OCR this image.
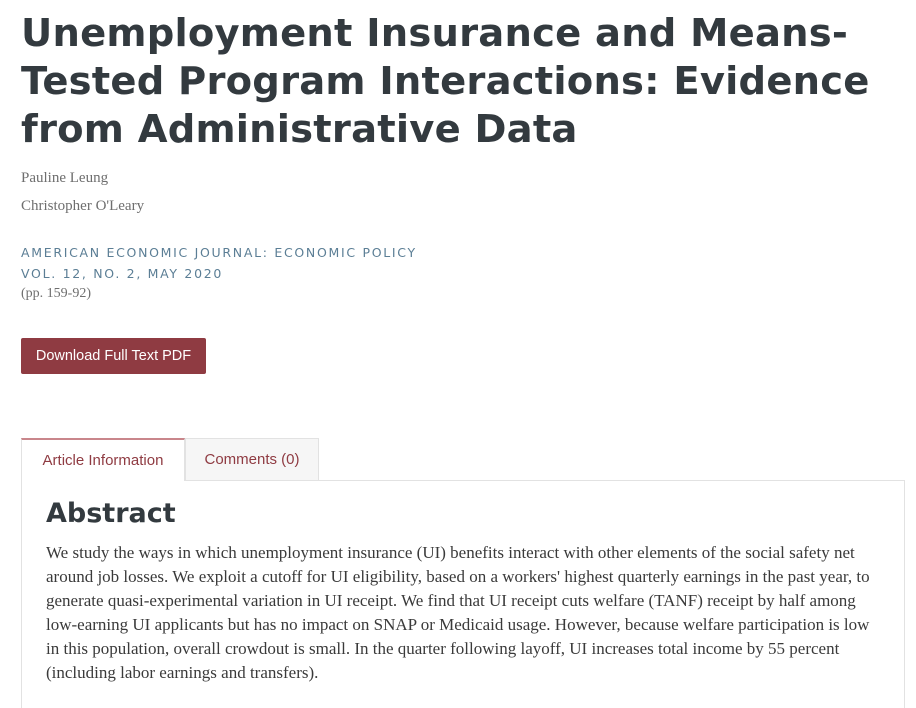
Unemployment Insurance and Means-Tested Program Interactions: Evidence from Administrative Data
Pauline Leung
Christopher O'Leary
AMERICAN ECONOMIC JOURNAL: ECONOMIC POLICY
VOL. 12, NO. 2, MAY 2020
(pp. 159-92)
Download Full Text PDF
Article Information	Comments (0)
Abstract

We study the ways in which unemployment insurance (UI) benefits interact with other elements of the social safety net around job losses. We exploit a cutoff for UI eligibility, based on a workers' highest quarterly earnings in the past year, to generate quasi-experimental variation in UI receipt. We find that UI receipt cuts welfare (TANF) receipt by half among low-earning UI applicants but has no impact on SNAP or Medicaid usage. However, because welfare participation is low in this population, overall crowdout is small. In the quarter following layoff, UI increases total income by 55 percent (including labor earnings and transfers).
